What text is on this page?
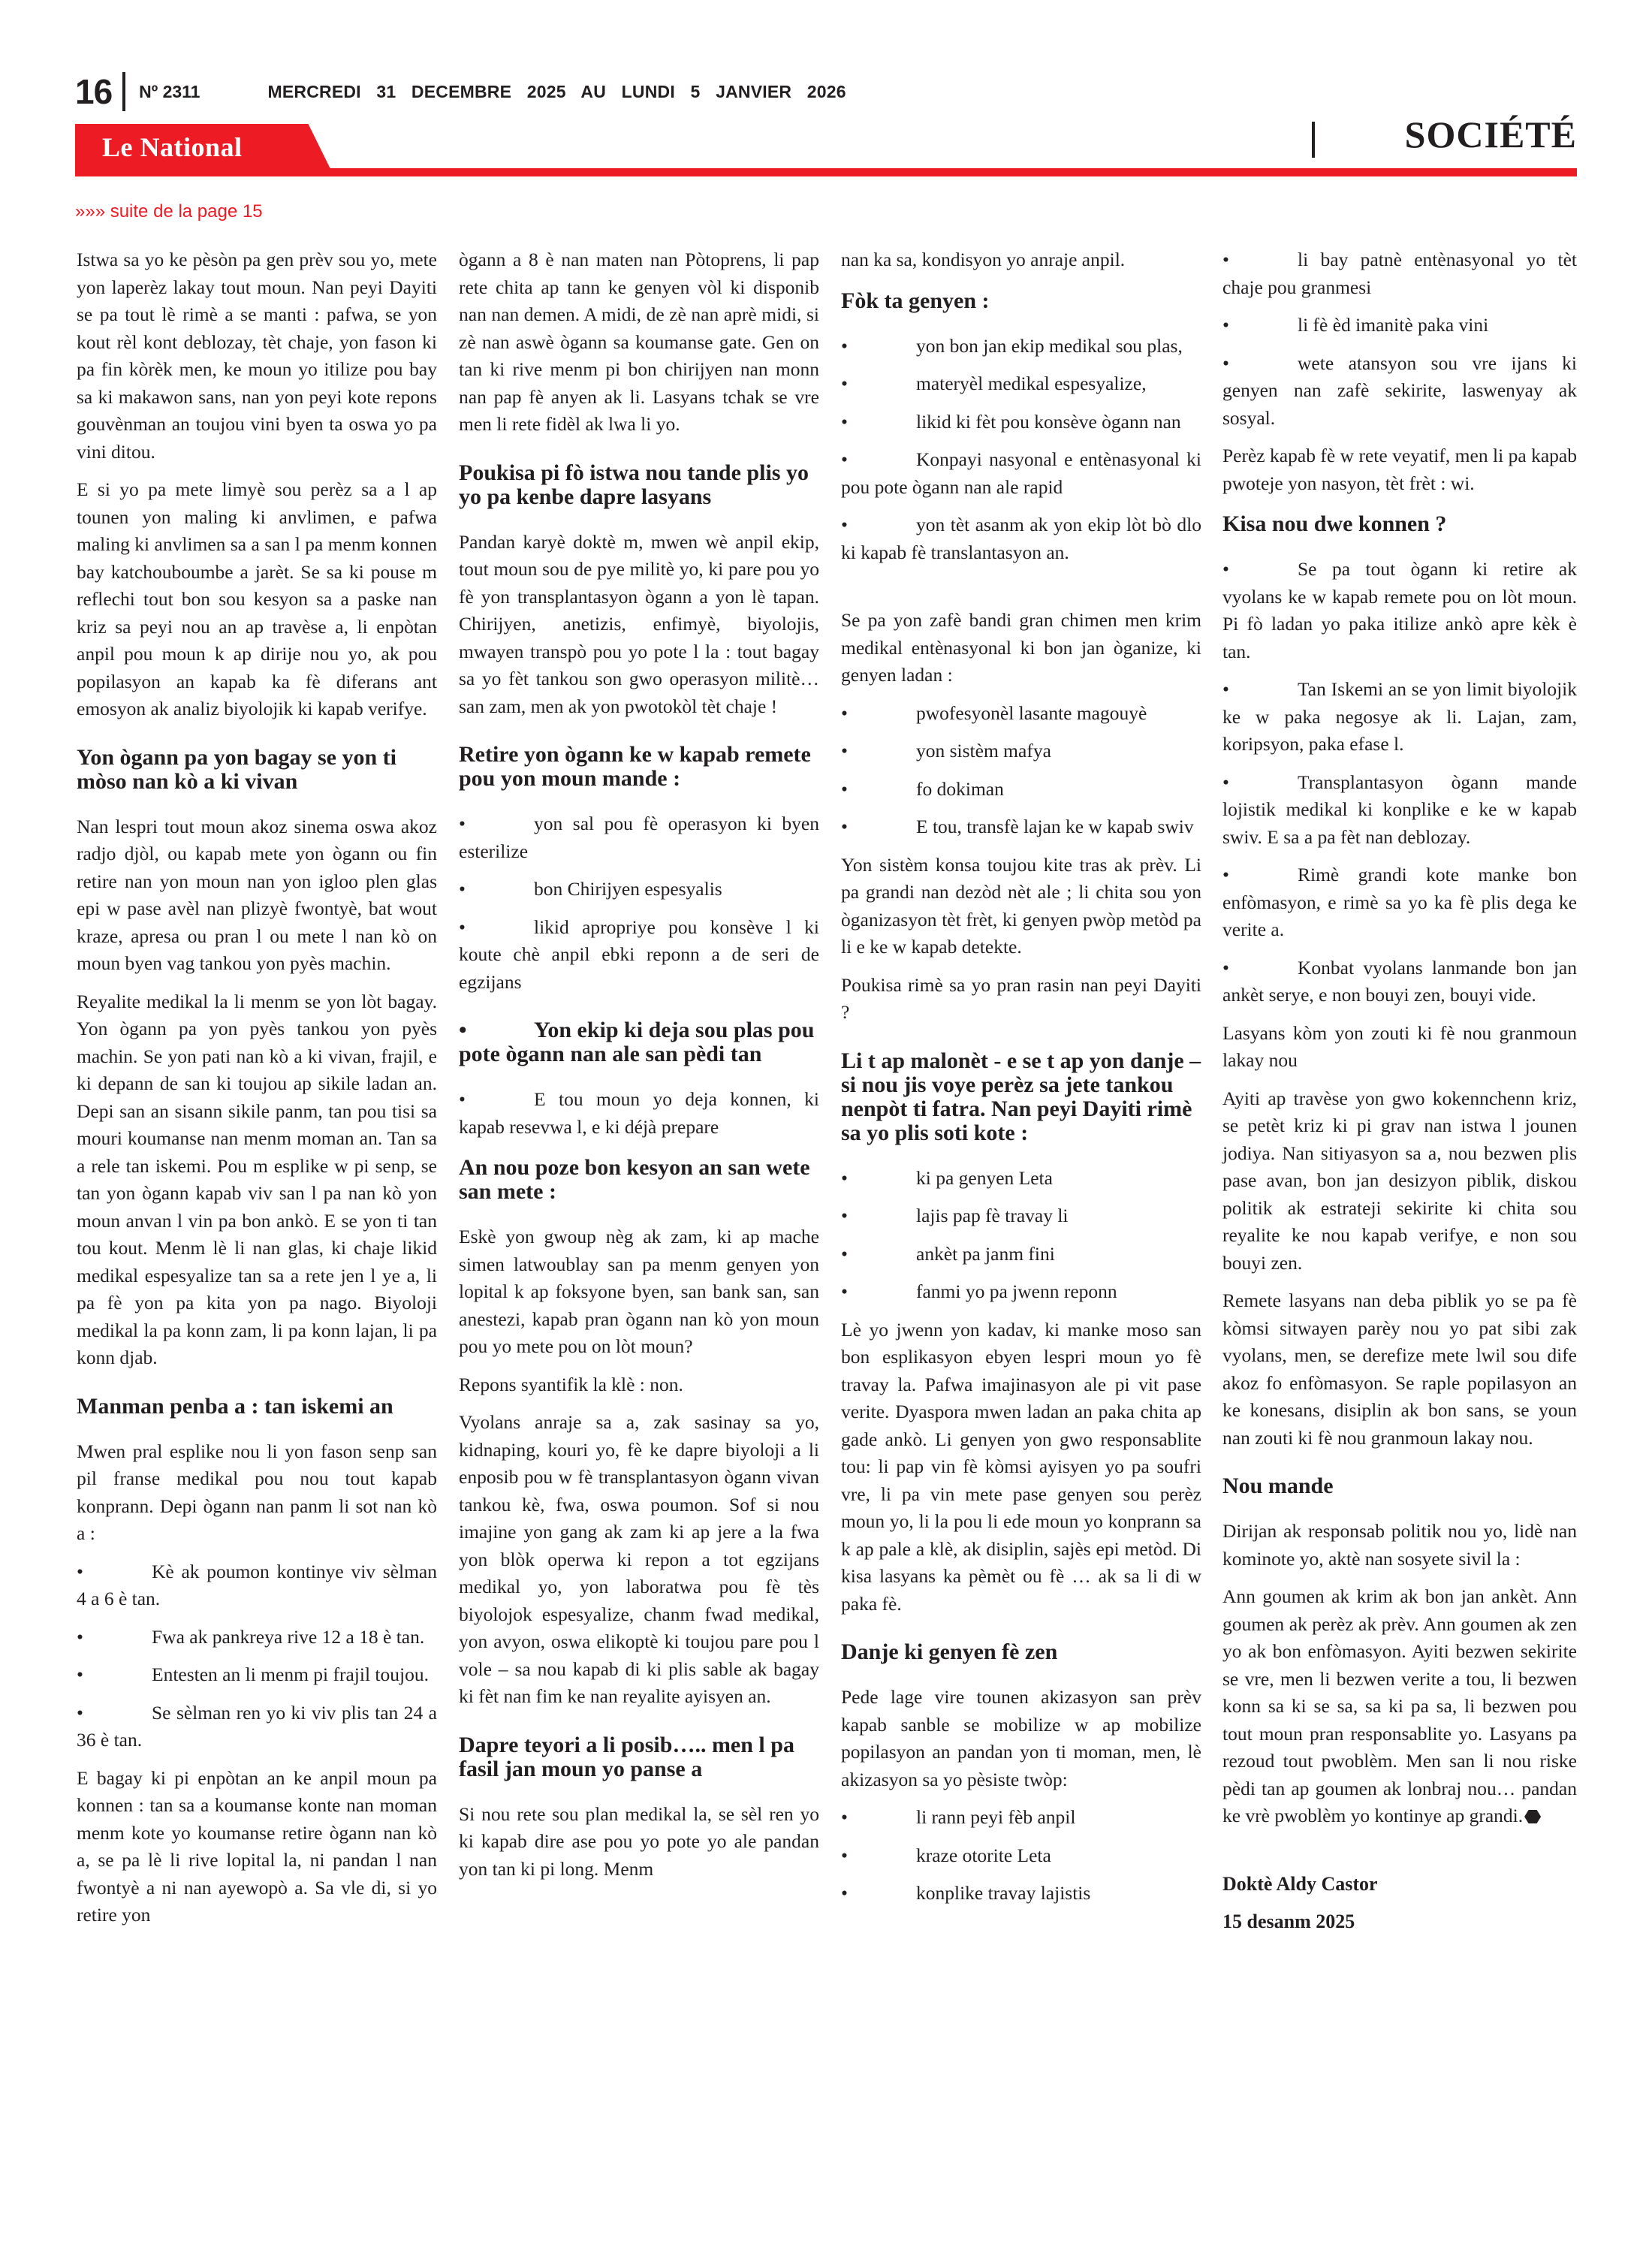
16 Nº 2311	MERCREDI 31 DECEMBRE 2025 AU LUNDI 5 JANVIER 2026
Le National	SOCIÉTÉ
»»» suite de la page 15

Istwa sa yo ke pèsòn pa gen prèv sou yo, mete yon laperèz lakay tout moun. Nan peyi Dayiti se pa tout lè rimè a se manti : pafwa, se yon kout rèl kont deblozay, tèt chaje, yon fason ki pa fin kòrèk men, ke moun yo itilize pou bay sa ki makawon sans, nan yon peyi kote repons gouvènman an toujou vini byen ta oswa yo pa vini ditou.

E si yo pa mete limyè sou perèz sa a l ap tounen yon maling ki anvlimen, e pafwa maling ki anvlimen sa a san l pa menm konnen bay katchouboumbe a jarèt. Se sa ki pouse m reflechi tout bon sou kesyon sa a paske nan kriz sa peyi nou an ap travèse a, li enpòtan anpil pou moun k ap dirije nou yo, ak pou popilasyon an kapab ka fè diferans ant emosyon ak analiz biyolojik ki kapab verifye.

Yon ògann pa yon bagay se yon ti mòso nan kò a ki vivan

Nan lespri tout moun akoz sinema oswa akoz radjo djòl, ou kapab mete yon ògann ou fin retire nan yon moun nan yon igloo plen glas epi w pase avèl nan plizyè fwontyè, bat wout kraze, apresa ou pran l ou mete l nan kò on moun byen vag tankou yon pyès machin.

Reyalite medikal la li menm se yon lòt bagay. Yon ògann pa yon pyès tankou yon pyès machin. Se yon pati nan kò a ki vivan, frajil, e ki depann de san ki toujou ap sikile ladan an. Depi san an sisann sikile panm, tan pou tisi sa mouri koumanse nan menm moman an. Tan sa a rele tan iskemi. Pou m esplike w pi senp, se tan yon ògann kapab viv san l pa nan kò yon moun anvan l vin pa bon ankò. E se yon ti tan tou kout. Menm lè li nan glas, ki chaje likid medikal espesyalize tan sa a rete jen l ye a, li pa fè yon pa kita yon pa nago. Biyoloji medikal la pa konn zam, li pa konn lajan, li pa konn djab.

Manman penba a : tan iskemi an

Mwen pral esplike nou li yon fason senp san pil franse medikal pou nou tout kapab konprann. Depi ògann nan panm li sot nan kò a :

•	Kè ak poumon kontinye viv sèlman 4 a 6 è tan.

•	Fwa ak pankreya rive 12 a 18 è tan.

•	Entesten an li menm pi frajil toujou.

•	Se sèlman ren yo ki viv plis tan 24 a 36 è tan.

E bagay ki pi enpòtan an ke anpil moun pa konnen : tan sa a koumanse konte nan moman menm kote yo koumanse retire ògann nan kò a, se pa lè li rive lopital la, ni pandan l nan fwontyè a ni nan ayewopò a. Sa vle di, si yo retire yon

ògann a 8 è nan maten nan Pòtoprens, li pap rete chita ap tann ke genyen vòl ki disponib nan nan demen. A midi, de zè nan aprè midi, si zè nan aswè ògann sa koumanse gate. Gen on tan ki rive menm pi bon chirijyen nan monn nan pap fè anyen ak li. Lasyans tchak se vre men li rete fidèl ak lwa li yo.

Poukisa pi fò istwa nou tande plis yo yo pa kenbe dapre lasyans

Pandan karyè doktè m, mwen wè anpil ekip, tout moun sou de pye militè yo, ki pare pou yo fè yon transplantasyon ògann a yon lè tapan. Chirijyen, anetizis, enfimyè, biyolojis, mwayen transpò pou yo pote l la : tout bagay sa yo fèt tankou son gwo operasyon militè… san zam, men ak yon pwotokòl tèt chaje !

Retire yon ògann ke w kapab remete pou yon moun mande :

•	yon sal pou fè operasyon ki byen esterilize

•	bon Chirijyen espesyalis

•	likid apropriye pou konsève l ki koute chè anpil ebki reponn a de seri de egzijans

•	Yon ekip ki deja sou plas pou pote ògann nan ale san pèdi tan

•	E tou moun yo deja konnen, ki kapab resevwa l, e ki déjà prepare

An nou poze bon kesyon an san wete san mete :

Eskè yon gwoup nèg ak zam, ki ap mache simen latwoublay san pa menm genyen yon lopital k ap foksyone byen, san bank san, san anestezi, kapab pran ògann nan kò yon moun pou yo mete pou on lòt moun?

Repons syantifik la klè : non.

Vyolans anraje sa a, zak sasinay sa yo, kidnaping, kouri yo, fè ke dapre biyoloji a li enposib pou w fè transplantasyon ògann vivan tankou kè, fwa, oswa poumon. Sof si nou imajine yon gang ak zam ki ap jere a la fwa yon blòk operwa ki repon a tot egzijans medikal yo, yon laboratwa pou fè tès biyolojok espesyalize, chanm fwad medikal, yon avyon, oswa elikoptè ki toujou pare pou l vole – sa nou kapab di ki plis sable ak bagay ki fèt nan fim ke nan reyalite ayisyen an.

Dapre teyori a li posib….. men l pa fasil jan moun yo panse a

Si nou rete sou plan medikal la, se sèl ren yo ki kapab dire ase pou yo pote yo ale pandan yon tan ki pi long. Menm

nan ka sa, kondisyon yo anraje anpil.

Fòk ta genyen :

•	yon bon jan ekip medikal sou plas,

•	materyèl medikal espesyalize,

•	likid ki fèt pou konsève ògann nan

•	Konpayi nasyonal e entènasyonal ki pou pote ògann nan ale rapid

•	yon tèt asanm ak yon ekip lòt bò dlo ki kapab fè translantasyon an.

Se pa yon zafè bandi gran chimen men krim medikal entènasyonal ki bon jan òganize, ki genyen ladan :

•	pwofesyonèl lasante magouyè

•	yon sistèm mafya

•	fo dokiman

•	E tou, transfè lajan ke w kapab swiv

Yon sistèm konsa toujou kite tras ak prèv. Li pa grandi nan dezòd nèt ale ; li chita sou yon òganizasyon tèt frèt, ki genyen pwòp metòd pa li e ke w kapab detekte.

Poukisa rimè sa yo pran rasin nan peyi Dayiti ?

Li t ap malonèt - e se t ap yon danje – si nou jis voye perèz sa jete tankou nenpòt ti fatra. Nan peyi Dayiti rimè sa yo plis soti kote :

•	ki pa genyen Leta

•	lajis pap fè travay li

•	ankèt pa janm fini

•	fanmi yo pa jwenn reponn

Lè yo jwenn yon kadav, ki manke moso san bon esplikasyon ebyen lespri moun yo fè travay la. Pafwa imajinasyon ale pi vit pase verite. Dyaspora mwen ladan an paka chita ap gade ankò. Li genyen yon gwo responsablite tou: li pap vin fè kòmsi ayisyen yo pa soufri vre, li pa vin mete pase genyen sou perèz moun yo, li la pou li ede moun yo konprann sa k ap pale a klè, ak disiplin, sajès epi metòd. Di kisa lasyans ka pèmèt ou fè … ak sa li di w paka fè.

Danje ki genyen fè zen

Pede lage vire tounen akizasyon san prèv kapab sanble se mobilize w ap mobilize popilasyon an pandan yon ti moman, men, lè akizasyon sa yo pèsiste twòp:

•	li rann peyi fèb anpil

•	kraze otorite Leta

•	konplike travay lajistis

•	li bay patnè entènasyonal yo tèt chaje pou granmesi

•	li fè èd imanitè paka vini

•	wete atansyon sou vre ijans ki genyen nan zafè sekirite, laswenyay ak sosyal.

Perèz kapab fè w rete veyatif, men li pa kapab pwoteje yon nasyon, tèt frèt : wi.

Kisa nou dwe konnen ?

•	Se pa tout ògann ki retire ak vyolans ke w kapab remete pou on lòt moun. Pi fò ladan yo paka itilize ankò apre kèk è tan.

•	Tan Iskemi an se yon limit biyolojik ke w paka negosye ak li. Lajan, zam, koripsyon, paka efase l.

•	Transplantasyon ògann mande lojistik medikal ki konplike e ke w kapab swiv. E sa a pa fèt nan deblozay.

•	Rimè grandi kote manke bon enfòmasyon, e rimè sa yo ka fè plis dega ke verite a.

•	Konbat vyolans lanmande bon jan ankèt serye, e non bouyi zen, bouyi vide.

Lasyans kòm yon zouti ki fè nou granmoun lakay nou

Ayiti ap travèse yon gwo kokennchenn kriz, se petèt kriz ki pi grav nan istwa l jounen jodiya. Nan sitiyasyon sa a, nou bezwen plis pase avan, bon jan desizyon piblik, diskou politik ak estrateji sekirite ki chita sou reyalite ke nou kapab verifye, e non sou bouyi zen.

Remete lasyans nan deba piblik yo se pa fè kòmsi sitwayen parèy nou yo pat sibi zak vyolans, men, se derefize mete lwil sou dife akoz fo enfòmasyon. Se raple popilasyon an ke konesans, disiplin ak bon sans, se youn nan zouti ki fè nou granmoun lakay nou.

Nou mande

Dirijan ak responsab politik nou yo, lidè nan kominote yo, aktè nan sosyete sivil la :

Ann goumen ak krim ak bon jan ankèt. Ann goumen ak perèz ak prèv. Ann goumen ak zen yo ak bon enfòmasyon. Ayiti bezwen sekirite se vre, men li bezwen verite a tou, li bezwen konn sa ki se sa, sa ki pa sa, li bezwen pou tout moun pran responsablite yo. Lasyans pa rezoud tout pwoblèm. Men san li nou riske pèdi tan ap goumen ak lonbraj nou… pandan ke vrè pwoblèm yo kontinye ap grandi.

Doktè Aldy Castor

15 desanm 2025
